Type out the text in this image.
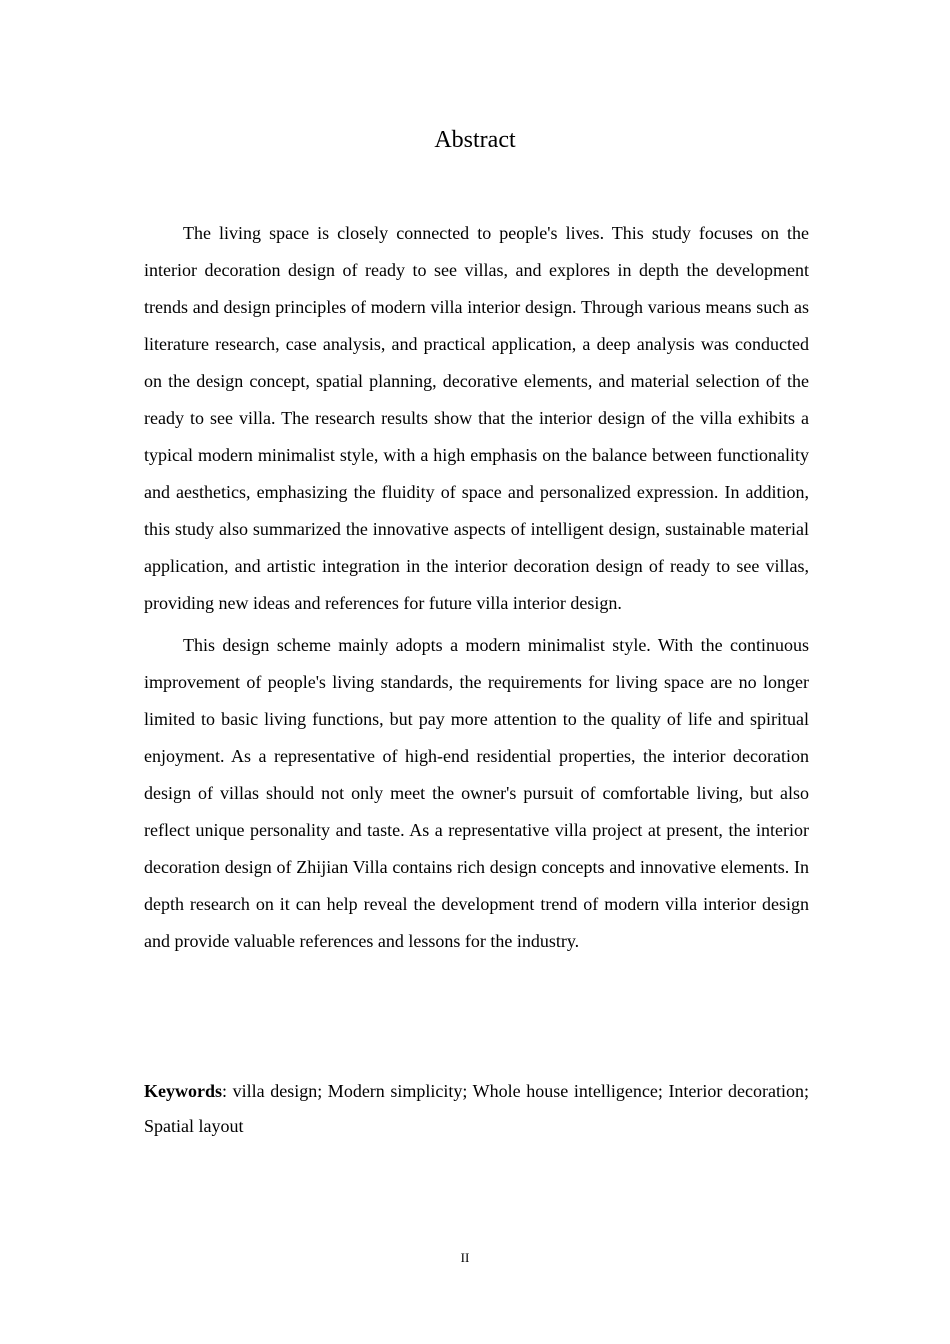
Abstract

The living space is closely connected to people's lives. This study focuses on the interior decoration design of ready to see villas, and explores in depth the development trends and design principles of modern villa interior design. Through various means such as literature research, case analysis, and practical application, a deep analysis was conducted on the design concept, spatial planning, decorative elements, and material selection of the ready to see villa. The research results show that the interior design of the villa exhibits a typical modern minimalist style, with a high emphasis on the balance between functionality and aesthetics, emphasizing the fluidity of space and personalized expression. In addition, this study also summarized the innovative aspects of intelligent design, sustainable material application, and artistic integration in the interior decoration design of ready to see villas, providing new ideas and references for future villa interior design.

This design scheme mainly adopts a modern minimalist style. With the continuous improvement of people's living standards, the requirements for living space are no longer limited to basic living functions, but pay more attention to the quality of life and spiritual enjoyment. As a representative of high-end residential properties, the interior decoration design of villas should not only meet the owner's pursuit of comfortable living, but also reflect unique personality and taste. As a representative villa project at present, the interior decoration design of Zhijian Villa contains rich design concepts and innovative elements. In depth research on it can help reveal the development trend of modern villa interior design and provide valuable references and lessons for the industry.

Keywords: villa design; Modern simplicity; Whole house intelligence; Interior decoration; Spatial layout

II
